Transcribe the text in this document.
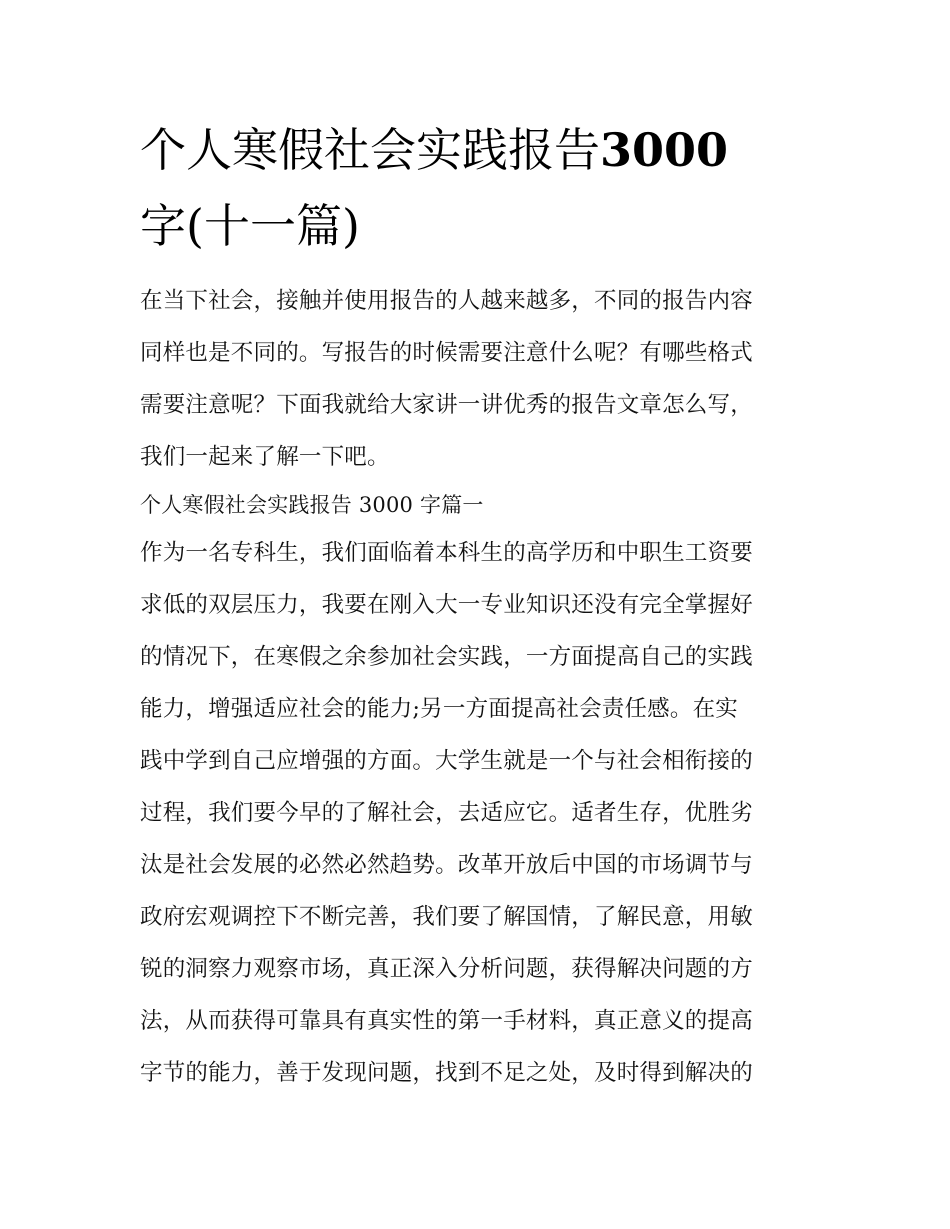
个人寒假社会实践报告3000
字(十一篇)
在当下社会，接触并使用报告的人越来越多，不同的报告内容
同样也是不同的。写报告的时候需要注意什么呢？有哪些格式
需要注意呢？下面我就给大家讲一讲优秀的报告文章怎么写，
我们一起来了解一下吧。
个人寒假社会实践报告 3000 字篇一
作为一名专科生，我们面临着本科生的高学历和中职生工资要
求低的双层压力，我要在刚入大一专业知识还没有完全掌握好
的情况下，在寒假之余参加社会实践，一方面提高自己的实践
能力，增强适应社会的能力;另一方面提高社会责任感。在实
践中学到自己应增强的方面。大学生就是一个与社会相衔接的
过程，我们要今早的了解社会，去适应它。适者生存，优胜劣
汰是社会发展的必然必然趋势。改革开放后中国的市场调节与
政府宏观调控下不断完善，我们要了解国情，了解民意，用敏
锐的洞察力观察市场，真正深入分析问题，获得解决问题的方
法，从而获得可靠具有真实性的第一手材料，真正意义的提高
字节的能力，善于发现问题，找到不足之处，及时得到解决的
